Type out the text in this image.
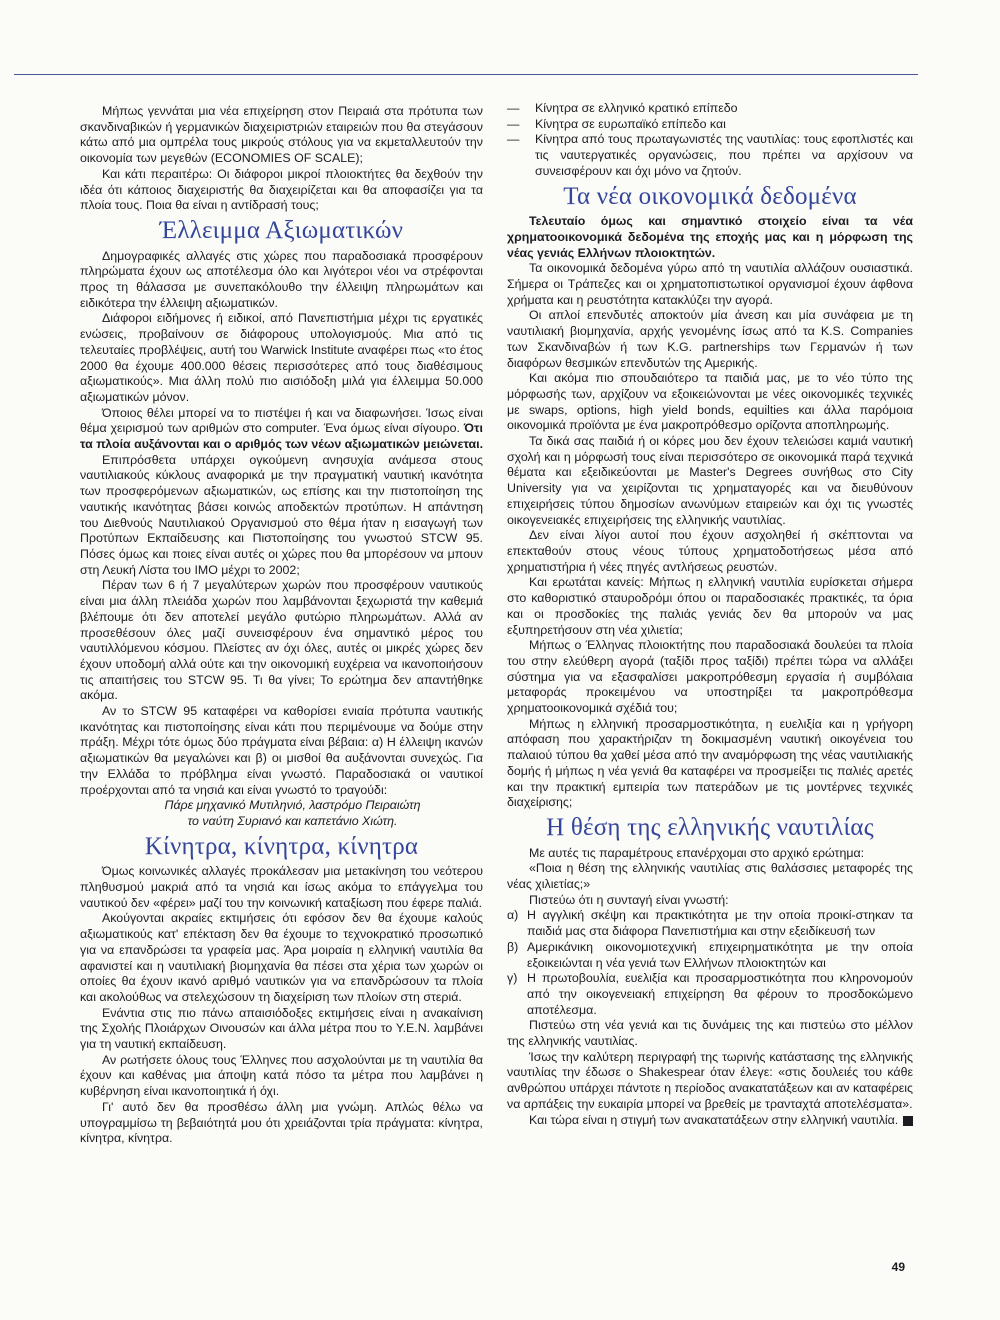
Μήπως γεννάται μια νέα επιχείρηση στον Πειραιά στα πρότυπα των σκανδιναβικών ή γερμανικών διαχειριστριών εταιρειών που θα στεγάσουν κάτω από μια ομπρέλα τους μικρούς στόλους για να εκμεταλλευτούν την οικονομία των μεγεθών (ECONOMIES OF SCALE);

Και κάτι περαιτέρω: Οι διάφοροι μικροί πλοιοκτήτες θα δεχθούν την ιδέα ότι κάποιος διαχειριστής θα διαχειρίζεται και θα αποφασίζει για τα πλοία τους. Ποια θα είναι η αντίδρασή τους;

Έλλειμμα Αξιωματικών

Δημογραφικές αλλαγές στις χώρες που παραδοσιακά προσφέρουν πληρώματα έχουν ως αποτέλεσμα όλο και λιγότεροι νέοι να στρέφονται προς τη θάλασσα με συνεπακόλουθο την έλλειψη πληρωμάτων και ειδικότερα την έλλειψη αξιωματικών.

Διάφοροι ειδήμονες ή ειδικοί, από Πανεπιστήμια μέχρι τις εργατικές ενώσεις, προβαίνουν σε διάφορους υπολογισμούς. Μια από τις τελευταίες προβλέψεις, αυτή του Warwick Institute αναφέρει πως «το έτος 2000 θα έχουμε 400.000 θέσεις περισσότερες από τους διαθέσιμους αξιωματικούς». Μια άλλη πολύ πιο αισιόδοξη μιλά για έλλειμμα 50.000 αξιωματικών μόνον.

Όποιος θέλει μπορεί να το πιστέψει ή και να διαφωνήσει. Ίσως είναι θέμα χειρισμού των αριθμών στο computer. Ένα όμως είναι σίγουρο. Ότι τα πλοία αυξάνονται και ο αριθμός των νέων αξιωματικών μειώνεται.

Επιπρόσθετα υπάρχει ογκούμενη ανησυχία ανάμεσα στους ναυτιλιακούς κύκλους αναφορικά με την πραγματική ναυτική ικανότητα των προσφερόμενων αξιωματικών, ως επίσης και την πιστοποίηση της ναυτικής ικανότητας βάσει κοινώς αποδεκτών προτύπων. Η απάντηση του Διεθνούς Ναυτιλιακού Οργανισμού στο θέμα ήταν η εισαγωγή των Προτύπων Εκπαίδευσης και Πιστοποίησης του γνωστού STCW 95. Πόσες όμως και ποιες είναι αυτές οι χώρες που θα μπορέσουν να μπουν στη Λευκή Λίστα του ΙΜΟ μέχρι το 2002;

Πέραν των 6 ή 7 μεγαλύτερων χωρών που προσφέρουν ναυτικούς είναι μια άλλη πλειάδα χωρών που λαμβάνονται ξεχωριστά την καθεμιά βλέπουμε ότι δεν αποτελεί μεγάλο φυτώριο πληρωμάτων. Αλλά αν προσεθέσουν όλες μαζί συνεισφέρουν ένα σημαντικό μέρος του ναυτιλλόμενου κόσμου. Πλείστες αν όχι όλες, αυτές οι μικρές χώρες δεν έχουν υποδομή αλλά ούτε και την οικονομική ευχέρεια να ικανοποιήσουν τις απαιτήσεις του STCW 95. Τι θα γίνει; Το ερώτημα δεν απαντήθηκε ακόμα.

Αν το STCW 95 καταφέρει να καθορίσει ενιαία πρότυπα ναυτικής ικανότητας και πιστοποίησης είναι κάτι που περιμένουμε να δούμε στην πράξη. Μέχρι τότε όμως δύο πράγματα είναι βέβαια: α) Η έλλειψη ικανών αξιωματικών θα μεγαλώνει και β) οι μισθοί θα αυξάνονται συνεχώς. Για την Ελλάδα το πρόβλημα είναι γνωστό. Παραδοσιακά οι ναυτικοί προέρχονται από τα νησιά και είναι γνωστό το τραγούδι:

Πάρε μηχανικό Μυτιληνιό, λαστρόμο Πειραιώτη

το ναύτη Συριανό και καπετάνιο Χιώτη.

Κίνητρα, κίνητρα, κίνητρα

Όμως κοινωνικές αλλαγές προκάλεσαν μια μετακίνηση του νεότερου πληθυσμού μακριά από τα νησιά και ίσως ακόμα το επάγγελμα του ναυτικού δεν «φέρει» μαζί του την κοινωνική καταξίωση που έφερε παλιά.

Ακούγονται ακραίες εκτιμήσεις ότι εφόσον δεν θα έχουμε καλούς αξιωματικούς κατ' επέκταση δεν θα έχουμε το τεχνοκρατικό προσωπικό για να επανδρώσει τα γραφεία μας. Άρα μοιραία η ελληνική ναυτιλία θα αφανιστεί και η ναυτιλιακή βιομηχανία θα πέσει στα χέρια των χωρών οι οποίες θα έχουν ικανό αριθμό ναυτικών για να επανδρώσουν τα πλοία και ακολούθως να στελεχώσουν τη διαχείριση των πλοίων στη στεριά.

Ενάντια στις πιο πάνω απαισιόδοξες εκτιμήσεις είναι η ανακαίνιση της Σχολής Πλοιάρχων Οινουσών και άλλα μέτρα που το Υ.Ε.Ν. λαμβάνει για τη ναυτική εκπαίδευση.

Αν ρωτήσετε όλους τους Έλληνες που ασχολούνται με τη ναυτιλία θα έχουν και καθένας μια άποψη κατά πόσο τα μέτρα που λαμβάνει η κυβέρνηση είναι ικανοποιητικά ή όχι.

Γι' αυτό δεν θα προσθέσω άλλη μια γνώμη. Απλώς θέλω να υπογραμμίσω τη βεβαιότητά μου ότι χρειάζονται τρία πράγματα: κίνητρα, κίνητρα, κίνητρα.

—	Κίνητρα σε ελληνικό κρατικό επίπεδο
—	Κίνητρα σε ευρωπαϊκό επίπεδο και
—	Κίνητρα από τους πρωταγωνιστές της ναυτιλίας: τους εφοπλιστές και τις ναυτεργατικές οργανώσεις, που πρέπει να αρχίσουν να συνεισφέρουν και όχι μόνο να ζητούν.
Τα νέα οικονομικά δεδομένα

Τελευταίο όμως και σημαντικό στοιχείο είναι τα νέα χρηματοοικονομικά δεδομένα της εποχής μας και η μόρφωση της νέας γενιάς Ελλήνων πλοιοκτητών.

Τα οικονομικά δεδομένα γύρω από τη ναυτιλία αλλάζουν ουσιαστικά. Σήμερα οι Τράπεζες και οι χρηματοπιστωτικοί οργανισμοί έχουν άφθονα χρήματα και η ρευστότητα κατακλύζει την αγορά.

Οι απλοί επενδυτές αποκτούν μία άνεση και μία συνάφεια με τη ναυτιλιακή βιομηχανία, αρχής γενομένης ίσως από τα K.S. Companies των Σκανδιναβών ή των K.G. partnerships των Γερμανών ή των διαφόρων θεσμικών επενδυτών της Αμερικής.

Και ακόμα πιο σπουδαιότερο τα παιδιά μας, με το νέο τύπο της μόρφωσής των, αρχίζουν να εξοικειώνονται με νέες οικονομικές τεχνικές με swaps, options, high yield bonds, equilties και άλλα παρόμοια οικονομικά προϊόντα με ένα μακροπρόθεσμο ορίζοντα αποπληρωμής.

Τα δικά σας παιδιά ή οι κόρες μου δεν έχουν τελειώσει καμιά ναυτική σχολή και η μόρφωσή τους είναι περισσότερο σε οικονομικά παρά τεχνικά θέματα και εξειδικεύονται με Master's Degrees συνήθως στο City University για να χειρίζονται τις χρηματαγορές και να διευθύνουν επιχειρήσεις τύπου δημοσίων ανωνύμων εταιρειών και όχι τις γνωστές οικογενειακές επιχειρήσεις της ελληνικής ναυτιλίας.

Δεν είναι λίγοι αυτοί που έχουν ασχοληθεί ή σκέπτονται να επεκταθούν στους νέους τύπους χρηματοδοτήσεως μέσα από χρηματιστήρια ή νέες πηγές αντλήσεως ρευστών.

Και ερωτάται κανείς: Μήπως η ελληνική ναυτιλία ευρίσκεται σήμερα στο καθοριστικό σταυροδρόμι όπου οι παραδοσιακές πρακτικές, τα όρια και οι προσδοκίες της παλιάς γενιάς δεν θα μπορούν να μας εξυπηρετήσουν στη νέα χιλιετία;

Μήπως ο Έλληνας πλοιοκτήτης που παραδοσιακά δουλεύει τα πλοία του στην ελεύθερη αγορά (ταξίδι προς ταξίδι) πρέπει τώρα να αλλάξει σύστημα για να εξασφαλίσει μακροπρόθεσμη εργασία ή συμβόλαια μεταφοράς προκειμένου να υποστηρίξει τα μακροπρόθεσμα χρηματοοικονομικά σχέδιά του;

Μήπως η ελληνική προσαρμοστικότητα, η ευελιξία και η γρήγορη απόφαση που χαρακτήριζαν τη δοκιμασμένη ναυτική οικογένεια του παλαιού τύπου θα χαθεί μέσα από την αναμόρφωση της νέας ναυτιλιακής δομής ή μήπως η νέα γενιά θα καταφέρει να προσμείξει τις παλιές αρετές και την πρακτική εμπειρία των πατεράδων με τις μοντέρνες τεχνικές διαχείρισης;

Η θέση της ελληνικής ναυτιλίας

Με αυτές τις παραμέτρους επανέρχομαι στο αρχικό ερώτημα:

«Ποια η θέση της ελληνικής ναυτιλίας στις θαλάσσιες μεταφορές της νέας χιλιετίας;»

Πιστεύω ότι η συνταγή είναι γνωστή:

α) Η αγγλική σκέψη και πρακτικότητα με την οποία προικί-στηκαν τα παιδιά μας στα διάφορα Πανεπιστήμια και στην εξειδίκευσή των
β) Αμερικάνικη οικονομιοτεχνική επιχειρηματικότητα με την οποία εξοικειώνται η νέα γενιά των Ελλήνων πλοιοκτητών και
γ) Η πρωτοβουλία, ευελιξία και προσαρμοστικότητα που κληρονομούν από την οικογενειακή επιχείρηση θα φέρουν το προσδοκώμενο αποτέλεσμα.

Πιστεύω στη νέα γενιά και τις δυνάμεις της και πιστεύω στο μέλλον της ελληνικής ναυτιλίας.

Ίσως την καλύτερη περιγραφή της τωρινής κατάστασης της ελληνικής ναυτιλίας την έδωσε ο Shakespear όταν έλεγε: «στις δουλειές του κάθε ανθρώπου υπάρχει πάντοτε η περίοδος ανακατατάξεων και αν καταφέρεις να αρπάξεις την ευκαιρία μπορεί να βρεθείς με τρανταχτά αποτελέσματα».

Και τώρα είναι η στιγμή των ανακατατάξεων στην ελληνική ναυτιλία.

49
